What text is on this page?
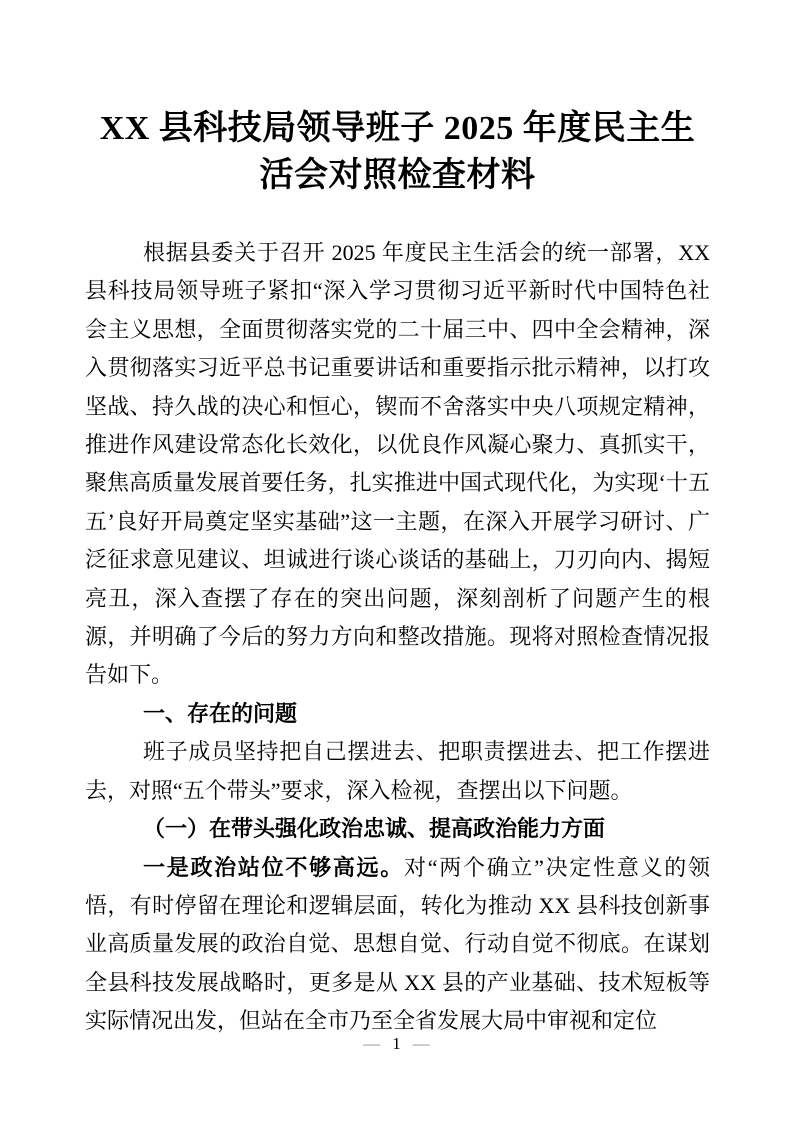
XX 县科技局领导班子 2025 年度民主生活会对照检查材料

根据县委关于召开 2025 年度民主生活会的统一部署，XX 县科技局领导班子紧扣“深入学习贯彻习近平新时代中国特色社会主义思想，全面贯彻落实党的二十届三中、四中全会精神，深入贯彻落实习近平总书记重要讲话和重要指示批示精神，以打攻坚战、持久战的决心和恒心，锲而不舍落实中央八项规定精神，推进作风建设常态化长效化，以优良作风凝心聚力、真抓实干，聚焦高质量发展首要任务，扎实推进中国式现代化，为实现‘十五五’良好开局奠定坚实基础”这一主题，在深入开展学习研讨、广泛征求意见建议、坦诚进行谈心谈话的基础上，刀刃向内、揭短亮丑，深入查摆了存在的突出问题，深刻剖析了问题产生的根源，并明确了今后的努力方向和整改措施。现将对照检查情况报告如下。

一、存在的问题

班子成员坚持把自己摆进去、把职责摆进去、把工作摆进去，对照“五个带头”要求，深入检视，查摆出以下问题。

（一）在带头强化政治忠诚、提高政治能力方面

一是政治站位不够高远。对“两个确立”决定性意义的领悟，有时停留在理论和逻辑层面，转化为推动 XX 县科技创新事业高质量发展的政治自觉、思想自觉、行动自觉不彻底。在谋划全县科技发展战略时，更多是从 XX 县的产业基础、技术短板等实际情况出发，但站在全市乃至全省发展大局中审视和定位

— 1 —
